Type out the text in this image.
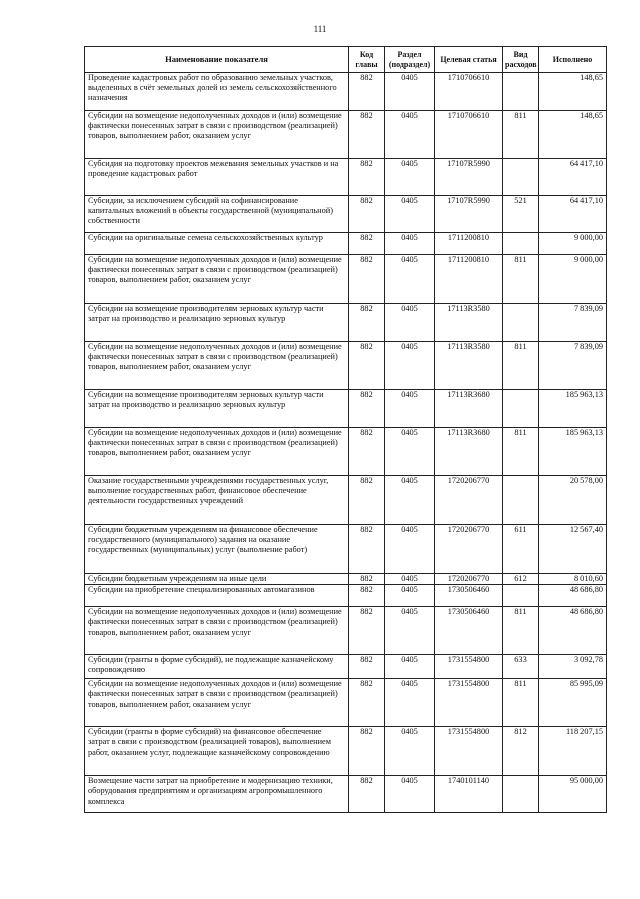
111
Наименование показателя	Код главы	Раздел (подраздел)	Целевая статья	Вид расходов	Исполнено
Проведение кадастровых работ по образованию земельных участков, выделенных в счёт земельных долей из земель сельскохозяйственного назначения	882	0405	1710706610		148,65
Субсидии на возмещение недополученных доходов и (или) возмещение фактически понесенных затрат в связи с производством (реализацией) товаров, выполнением работ, оказанием услуг	882	0405	1710706610	811	148,65
Субсидия на подготовку проектов межевания земельных участков и на проведение кадастровых работ	882	0405	17107R5990		64 417,10
Субсидии, за исключением субсидий на софинансирование капитальных вложений в объекты государственной (муниципальной) собственности	882	0405	17107R5990	521	64 417,10
Субсидии на оригинальные семена сельскохозяйственных культур	882	0405	1711200810		9 000,00
Субсидии на возмещение недополученных доходов и (или) возмещение фактически понесенных затрат в связи с производством (реализацией) товаров, выполнением работ, оказанием услуг	882	0405	1711200810	811	9 000,00
Субсидии на возмещение производителям зерновых культур части затрат на производство и реализацию зерновых культур	882	0405	17113R3580		7 839,09
Субсидии на возмещение недополученных доходов и (или) возмещение фактически понесенных затрат в связи с производством (реализацией) товаров, выполнением работ, оказанием услуг	882	0405	17113R3580	811	7 839,09
Субсидии на возмещение производителям зерновых культур части затрат на производство и реализацию зерновых культур	882	0405	17113R3680		185 963,13
Субсидии на возмещение недополученных доходов и (или) возмещение фактически понесенных затрат в связи с производством (реализацией) товаров, выполнением работ, оказанием услуг	882	0405	17113R3680	811	185 963,13
Оказание государственными учреждениями государственных услуг, выполнение государственных работ, финансовое обеспечение деятельности государственных учреждений	882	0405	1720206770		20 578,00
Субсидии бюджетным учреждениям на финансовое обеспечение государственного (муниципального) задания на оказание государственных (муниципальных) услуг (выполнение работ)	882	0405	1720206770	611	12 567,40
Субсидии бюджетным учреждениям на иные цели	882	0405	1720206770	612	8 010,60
Субсидии на приобретение специализированных автомагазинов	882	0405	1730506460		48 686,80
Субсидии на возмещение недополученных доходов и (или) возмещение фактически понесенных затрат в связи с производством (реализацией) товаров, выполнением работ, оказанием услуг	882	0405	1730506460	811	48 686,80
Субсидии (гранты в форме субсидий), не подлежащие казначейскому сопровождению	882	0405	1731554800	633	3 092,78
Субсидии на возмещение недополученных доходов и (или) возмещение фактически понесенных затрат в связи с производством (реализацией) товаров, выполнением работ, оказанием услуг	882	0405	1731554800	811	85 995,09
Субсидии (гранты в форме субсидий) на финансовое обеспечение затрат в связи с производством (реализацией товаров), выполнением работ, оказанием услуг, подлежащие казначейскому сопровождению	882	0405	1731554800	812	118 207,15
Возмещение части затрат на приобретение и модернизацию техники, оборудования предприятиям и организациям агропромышленного комплекса	882	0405	1740101140		95 000,00
